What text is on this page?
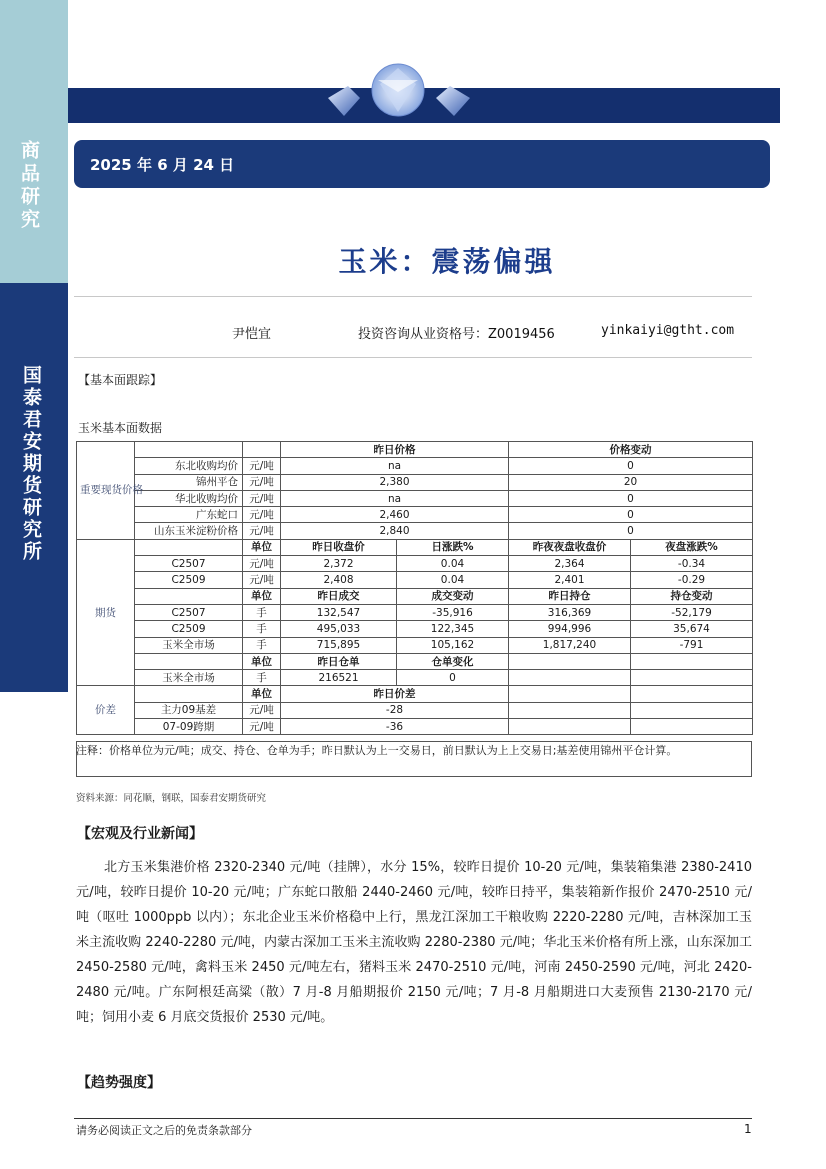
商品研究
国泰君安期货研究所
2025 年 6 月 24 日
玉米：震荡偏强
尹恺宜	投资咨询从业资格号：Z0019456	yinkaiyi@gtht.com
【基本面跟踪】
玉米基本面数据
重要现货价格			昨日价格		价格变动	
	东北收购均价	元/吨	na		0	
	锦州平仓	元/吨	2,380		20	
	华北收购均价	元/吨	na		0	
	广东蛇口	元/吨	2,460		0	
	山东玉米淀粉价格	元/吨	2,840		0	
期货		单位	昨日收盘价	日涨跌%	昨夜夜盘收盘价	夜盘涨跌%
	C2507	元/吨	2,372	0.04	2,364	-0.34
	C2509	元/吨	2,408	0.04	2,401	-0.29
		单位	昨日成交	成交变动	昨日持仓	持仓变动
	C2507	手	132,547	-35,916	316,369	-52,179
	C2509	手	495,033	122,345	994,996	35,674
	玉米全市场	手	715,895	105,162	1,817,240	-791
		单位	昨日仓单	仓单变化		
	玉米全市场	手	216521	0		
价差		单位	昨日价差			
	主力09基差	元/吨	-28			
	07-09跨期	元/吨	-36			
注释：价格单位为元/吨；成交、持仓、仓单为手；昨日默认为上一交易日，前日默认为上上交易日;基差使用锦州平仓计算。
资料来源：同花顺，钢联，国泰君安期货研究
【宏观及行业新闻】
北方玉米集港价格 2320-2340 元/吨（挂牌），水分 15%，较昨日提价 10-20 元/吨，集装箱集港 2380-2410 元/吨，较昨日提价 10-20 元/吨；广东蛇口散船 2440-2460 元/吨，较昨日持平，集装箱新作报价 2470-2510 元/吨（呕吐 1000ppb 以内）；东北企业玉米价格稳中上行，黑龙江深加工干粮收购 2220-2280 元/吨，吉林深加工玉米主流收购 2240-2280 元/吨，内蒙古深加工玉米主流收购 2280-2380 元/吨；华北玉米价格有所上涨，山东深加工 2450-2580 元/吨，禽料玉米 2450 元/吨左右，猪料玉米 2470-2510 元/吨，河南 2450-2590 元/吨，河北 2420-2480 元/吨。广东阿根廷高粱（散）7 月-8 月船期报价 2150 元/吨；7 月-8 月船期进口大麦预售 2130-2170 元/吨；饲用小麦 6 月底交货报价 2530 元/吨。
【趋势强度】
请务必阅读正文之后的免责条款部分	1
